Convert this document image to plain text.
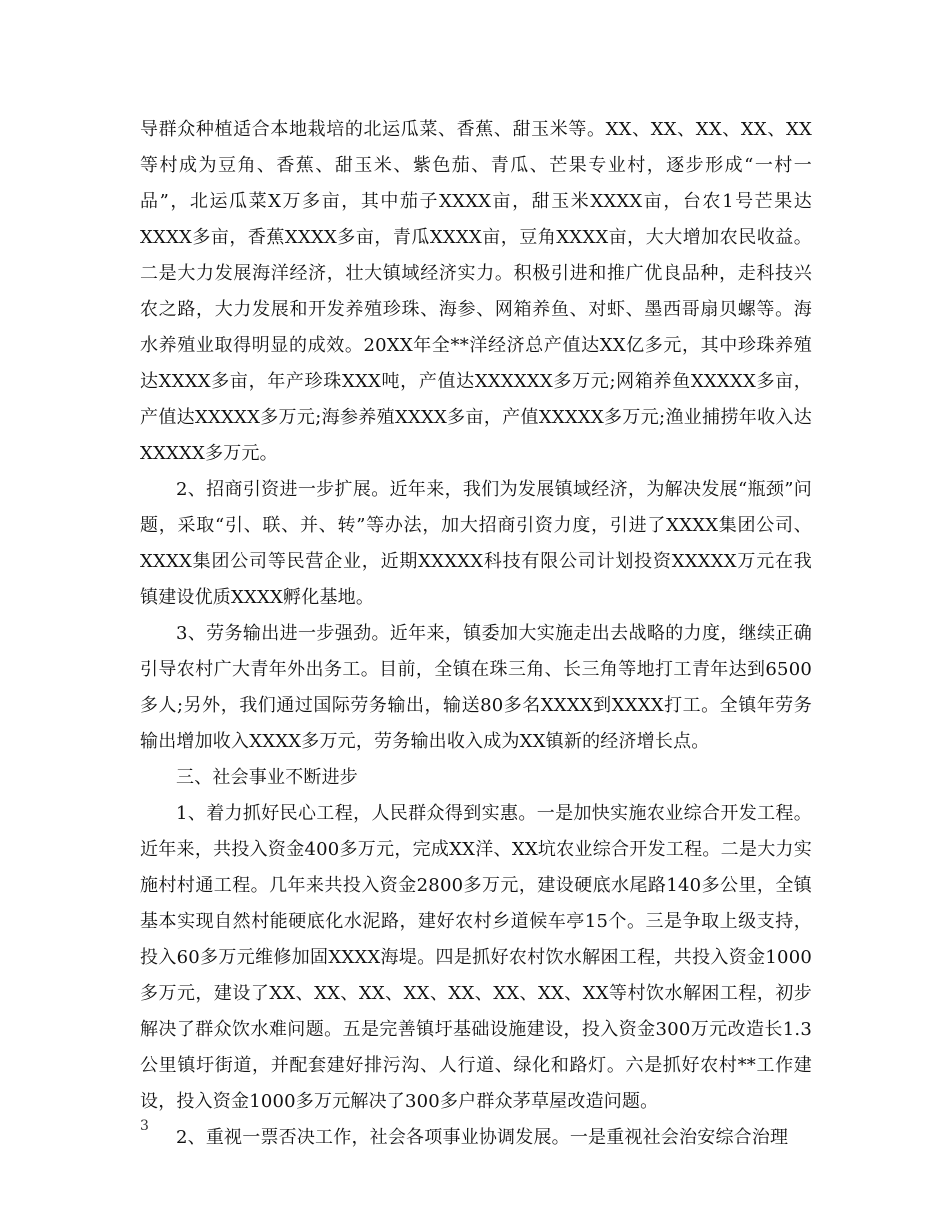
导群众种植适合本地栽培的北运瓜菜、香蕉、甜玉米等。XX、XX、XX、XX、XX等村成为豆角、香蕉、甜玉米、紫色茄、青瓜、芒果专业村，逐步形成“一村一品”，北运瓜菜X万多亩，其中茄子XXXX亩，甜玉米XXXX亩，台农1号芒果达XXXX多亩，香蕉XXXX多亩，青瓜XXXX亩，豆角XXXX亩，大大增加农民收益。二是大力发展海洋经济，壮大镇域经济实力。积极引进和推广优良品种，走科技兴农之路，大力发展和开发养殖珍珠、海参、网箱养鱼、对虾、墨西哥扇贝螺等。海水养殖业取得明显的成效。20XX年全**洋经济总产值达XX亿多元，其中珍珠养殖达XXXX多亩，年产珍珠XXX吨，产值达XXXXXX多万元;网箱养鱼XXXXX多亩，产值达XXXXX多万元;海参养殖XXXX多亩，产值XXXXX多万元;渔业捕捞年收入达XXXXX多万元。

2、招商引资进一步扩展。近年来，我们为发展镇域经济，为解决发展“瓶颈”问题，采取“引、联、并、转”等办法，加大招商引资力度，引进了XXXX集团公司、XXXX集团公司等民营企业，近期XXXXX科技有限公司计划投资XXXXX万元在我镇建设优质XXXX孵化基地。

3、劳务输出进一步强劲。近年来，镇委加大实施走出去战略的力度，继续正确引导农村广大青年外出务工。目前，全镇在珠三角、长三角等地打工青年达到6500多人;另外，我们通过国际劳务输出，输送80多名XXXX到XXXX打工。全镇年劳务输出增加收入XXXX多万元，劳务输出收入成为XX镇新的经济增长点。

三、社会事业不断进步

1、着力抓好民心工程，人民群众得到实惠。一是加快实施农业综合开发工程。近年来，共投入资金400多万元，完成XX洋、XX坑农业综合开发工程。二是大力实施村村通工程。几年来共投入资金2800多万元，建设硬底水尾路140多公里，全镇基本实现自然村能硬底化水泥路，建好农村乡道候车亭15个。三是争取上级支持，投入60多万元维修加固XXXX海堤。四是抓好农村饮水解困工程，共投入资金1000多万元，建设了XX、XX、XX、XX、XX、XX、XX、XX等村饮水解困工程，初步解决了群众饮水难问题。五是完善镇圩基础设施建设，投入资金300万元改造长1.3公里镇圩街道，并配套建好排污沟、人行道、绿化和路灯。六是抓好农村**工作建设，投入资金1000多万元解决了300多户群众茅草屋改造问题。

2、重视一票否决工作，社会各项事业协调发展。一是重视社会治安综合治理

3
